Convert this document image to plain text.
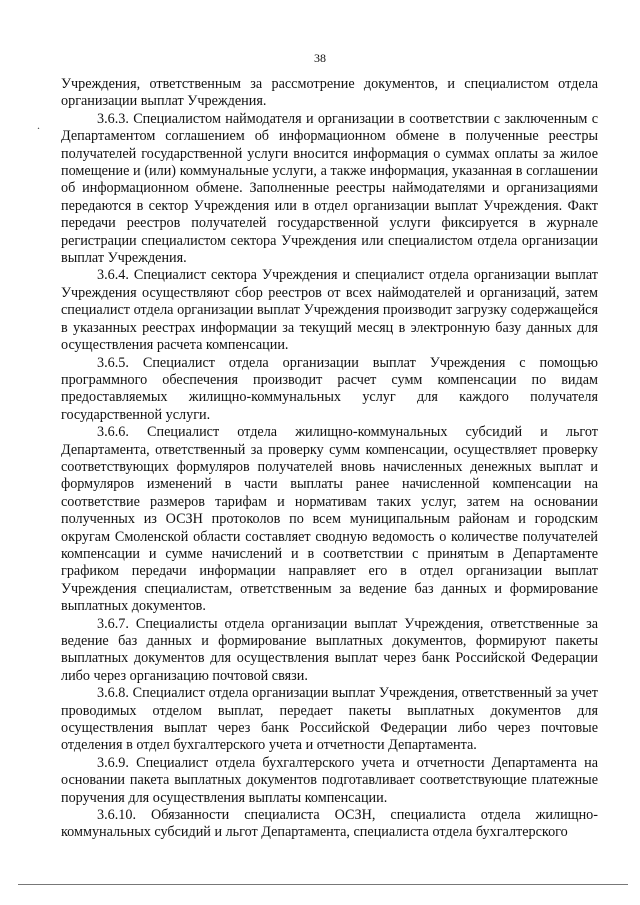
38
.

Учреждения, ответственным за рассмотрение документов, и специалистом отдела организации выплат Учреждения.

3.6.3. Специалистом наймодателя и организации в соответствии с заключенным с Департаментом соглашением об информационном обмене в полученные реестры получателей государственной услуги вносится информация о суммах оплаты за жилое помещение и (или) коммунальные услуги, а также информация, указанная в соглашении об информационном обмене. Заполненные реестры наймодателями и организациями передаются в сектор Учреждения или в отдел организации выплат Учреждения. Факт передачи реестров получателей государственной услуги фиксируется в журнале регистрации специалистом сектора Учреждения или специалистом отдела организации выплат Учреждения.

3.6.4. Специалист сектора Учреждения и специалист отдела организации выплат Учреждения осуществляют сбор реестров от всех наймодателей и организаций, затем специалист отдела организации выплат Учреждения производит загрузку содержащейся в указанных реестрах информации за текущий месяц в электронную базу данных для осуществления расчета компенсации.

3.6.5. Специалист отдела организации выплат Учреждения с помощью программного обеспечения производит расчет сумм компенсации по видам предоставляемых жилищно-коммунальных услуг для каждого получателя государственной услуги.

3.6.6. Специалист отдела жилищно-коммунальных субсидий и льгот Департамента, ответственный за проверку сумм компенсации, осуществляет проверку соответствующих формуляров получателей вновь начисленных денежных выплат и формуляров изменений в части выплаты ранее начисленной компенсации на соответствие размеров тарифам и нормативам таких услуг, затем на основании полученных из ОСЗН протоколов по всем муниципальным районам и городским округам Смоленской области составляет сводную ведомость о количестве получателей компенсации и сумме начислений и в соответствии с принятым в Департаменте графиком передачи информации направляет его в отдел организации выплат Учреждения специалистам, ответственным за ведение баз данных и формирование выплатных документов.

3.6.7. Специалисты отдела организации выплат Учреждения, ответственные за ведение баз данных и формирование выплатных документов, формируют пакеты выплатных документов для осуществления выплат через банк Российской Федерации либо через организацию почтовой связи.

3.6.8. Специалист отдела организации выплат Учреждения, ответственный за учет проводимых отделом выплат, передает пакеты выплатных документов для осуществления выплат через банк Российской Федерации либо через почтовые отделения в отдел бухгалтерского учета и отчетности Департамента.

3.6.9. Специалист отдела бухгалтерского учета и отчетности Департамента на основании пакета выплатных документов подготавливает соответствующие платежные поручения для осуществления выплаты компенсации.

3.6.10. Обязанности специалиста ОСЗН, специалиста отдела жилищно-коммунальных субсидий и льгот Департамента, специалиста отдела бухгалтерского
